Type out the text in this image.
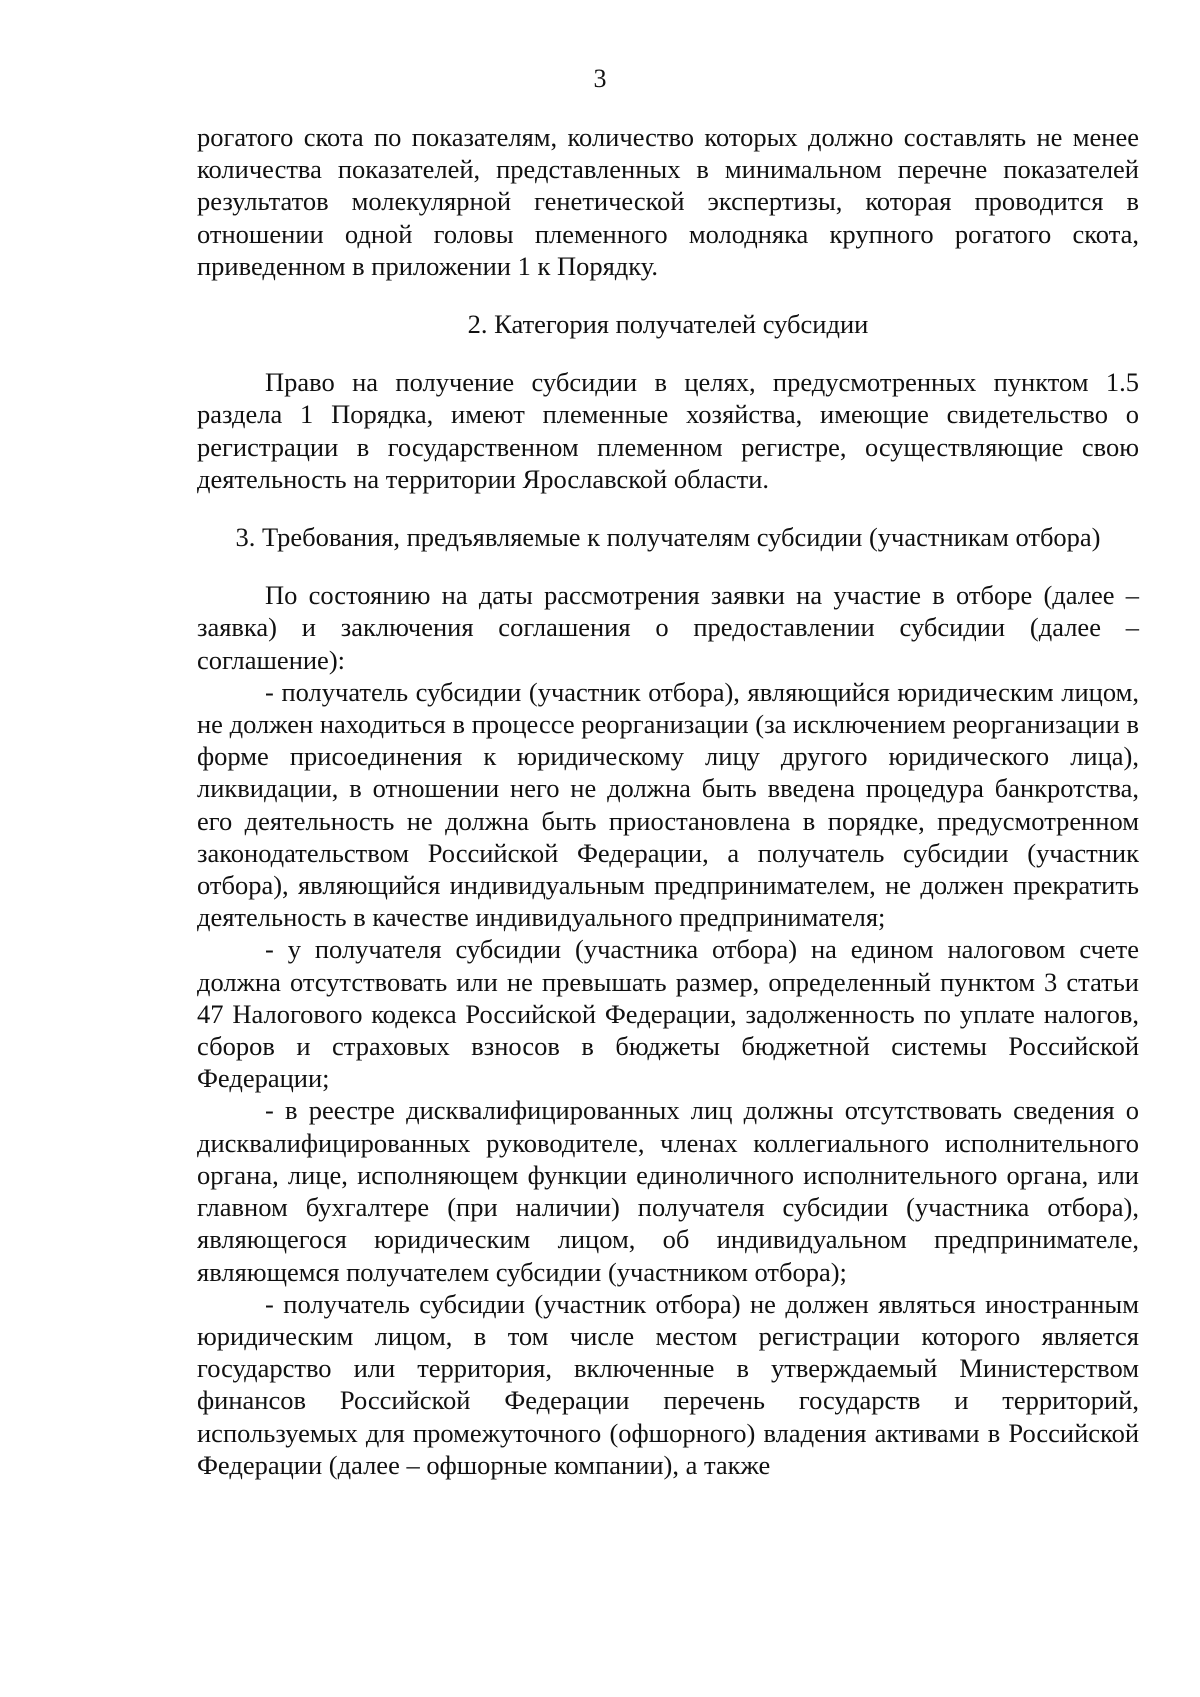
3

рогатого скота по показателям, количество которых должно составлять не менее количества показателей, представленных в минимальном перечне показателей результатов молекулярной генетической экспертизы, которая проводится в отношении одной головы племенного молодняка крупного рогатого скота, приведенном в приложении 1 к Порядку.

2. Категория получателей субсидии

Право на получение субсидии в целях, предусмотренных пунктом 1.5 раздела 1 Порядка, имеют племенные хозяйства, имеющие свидетельство о регистрации в государственном племенном регистре, осуществляющие свою деятельность на территории Ярославской области.

3. Требования, предъявляемые к получателям субсидии (участникам отбора)

По состоянию на даты рассмотрения заявки на участие в отборе (далее – заявка) и заключения соглашения о предоставлении субсидии (далее – соглашение):

- получатель субсидии (участник отбора), являющийся юридическим лицом, не должен находиться в процессе реорганизации (за исключением реорганизации в форме присоединения к юридическому лицу другого юридического лица), ликвидации, в отношении него не должна быть введена процедура банкротства, его деятельность не должна быть приостановлена в порядке, предусмотренном законодательством Российской Федерации, а получатель субсидии (участник отбора), являющийся индивидуальным предпринимателем, не должен прекратить деятельность в качестве индивидуального предпринимателя;

- у получателя субсидии (участника отбора) на едином налоговом счете должна отсутствовать или не превышать размер, определенный пунктом 3 статьи 47 Налогового кодекса Российской Федерации, задолженность по уплате налогов, сборов и страховых взносов в бюджеты бюджетной системы Российской Федерации;

- в реестре дисквалифицированных лиц должны отсутствовать сведения о дисквалифицированных руководителе, членах коллегиального исполнительного органа, лице, исполняющем функции единоличного исполнительного органа, или главном бухгалтере (при наличии) получателя субсидии (участника отбора), являющегося юридическим лицом, об индивидуальном предпринимателе, являющемся получателем субсидии (участником отбора);

- получатель субсидии (участник отбора) не должен являться иностранным юридическим лицом, в том числе местом регистрации которого является государство или территория, включенные в утверждаемый Министерством финансов Российской Федерации перечень государств и территорий, используемых для промежуточного (офшорного) владения активами в Российской Федерации (далее – офшорные компании), а также
